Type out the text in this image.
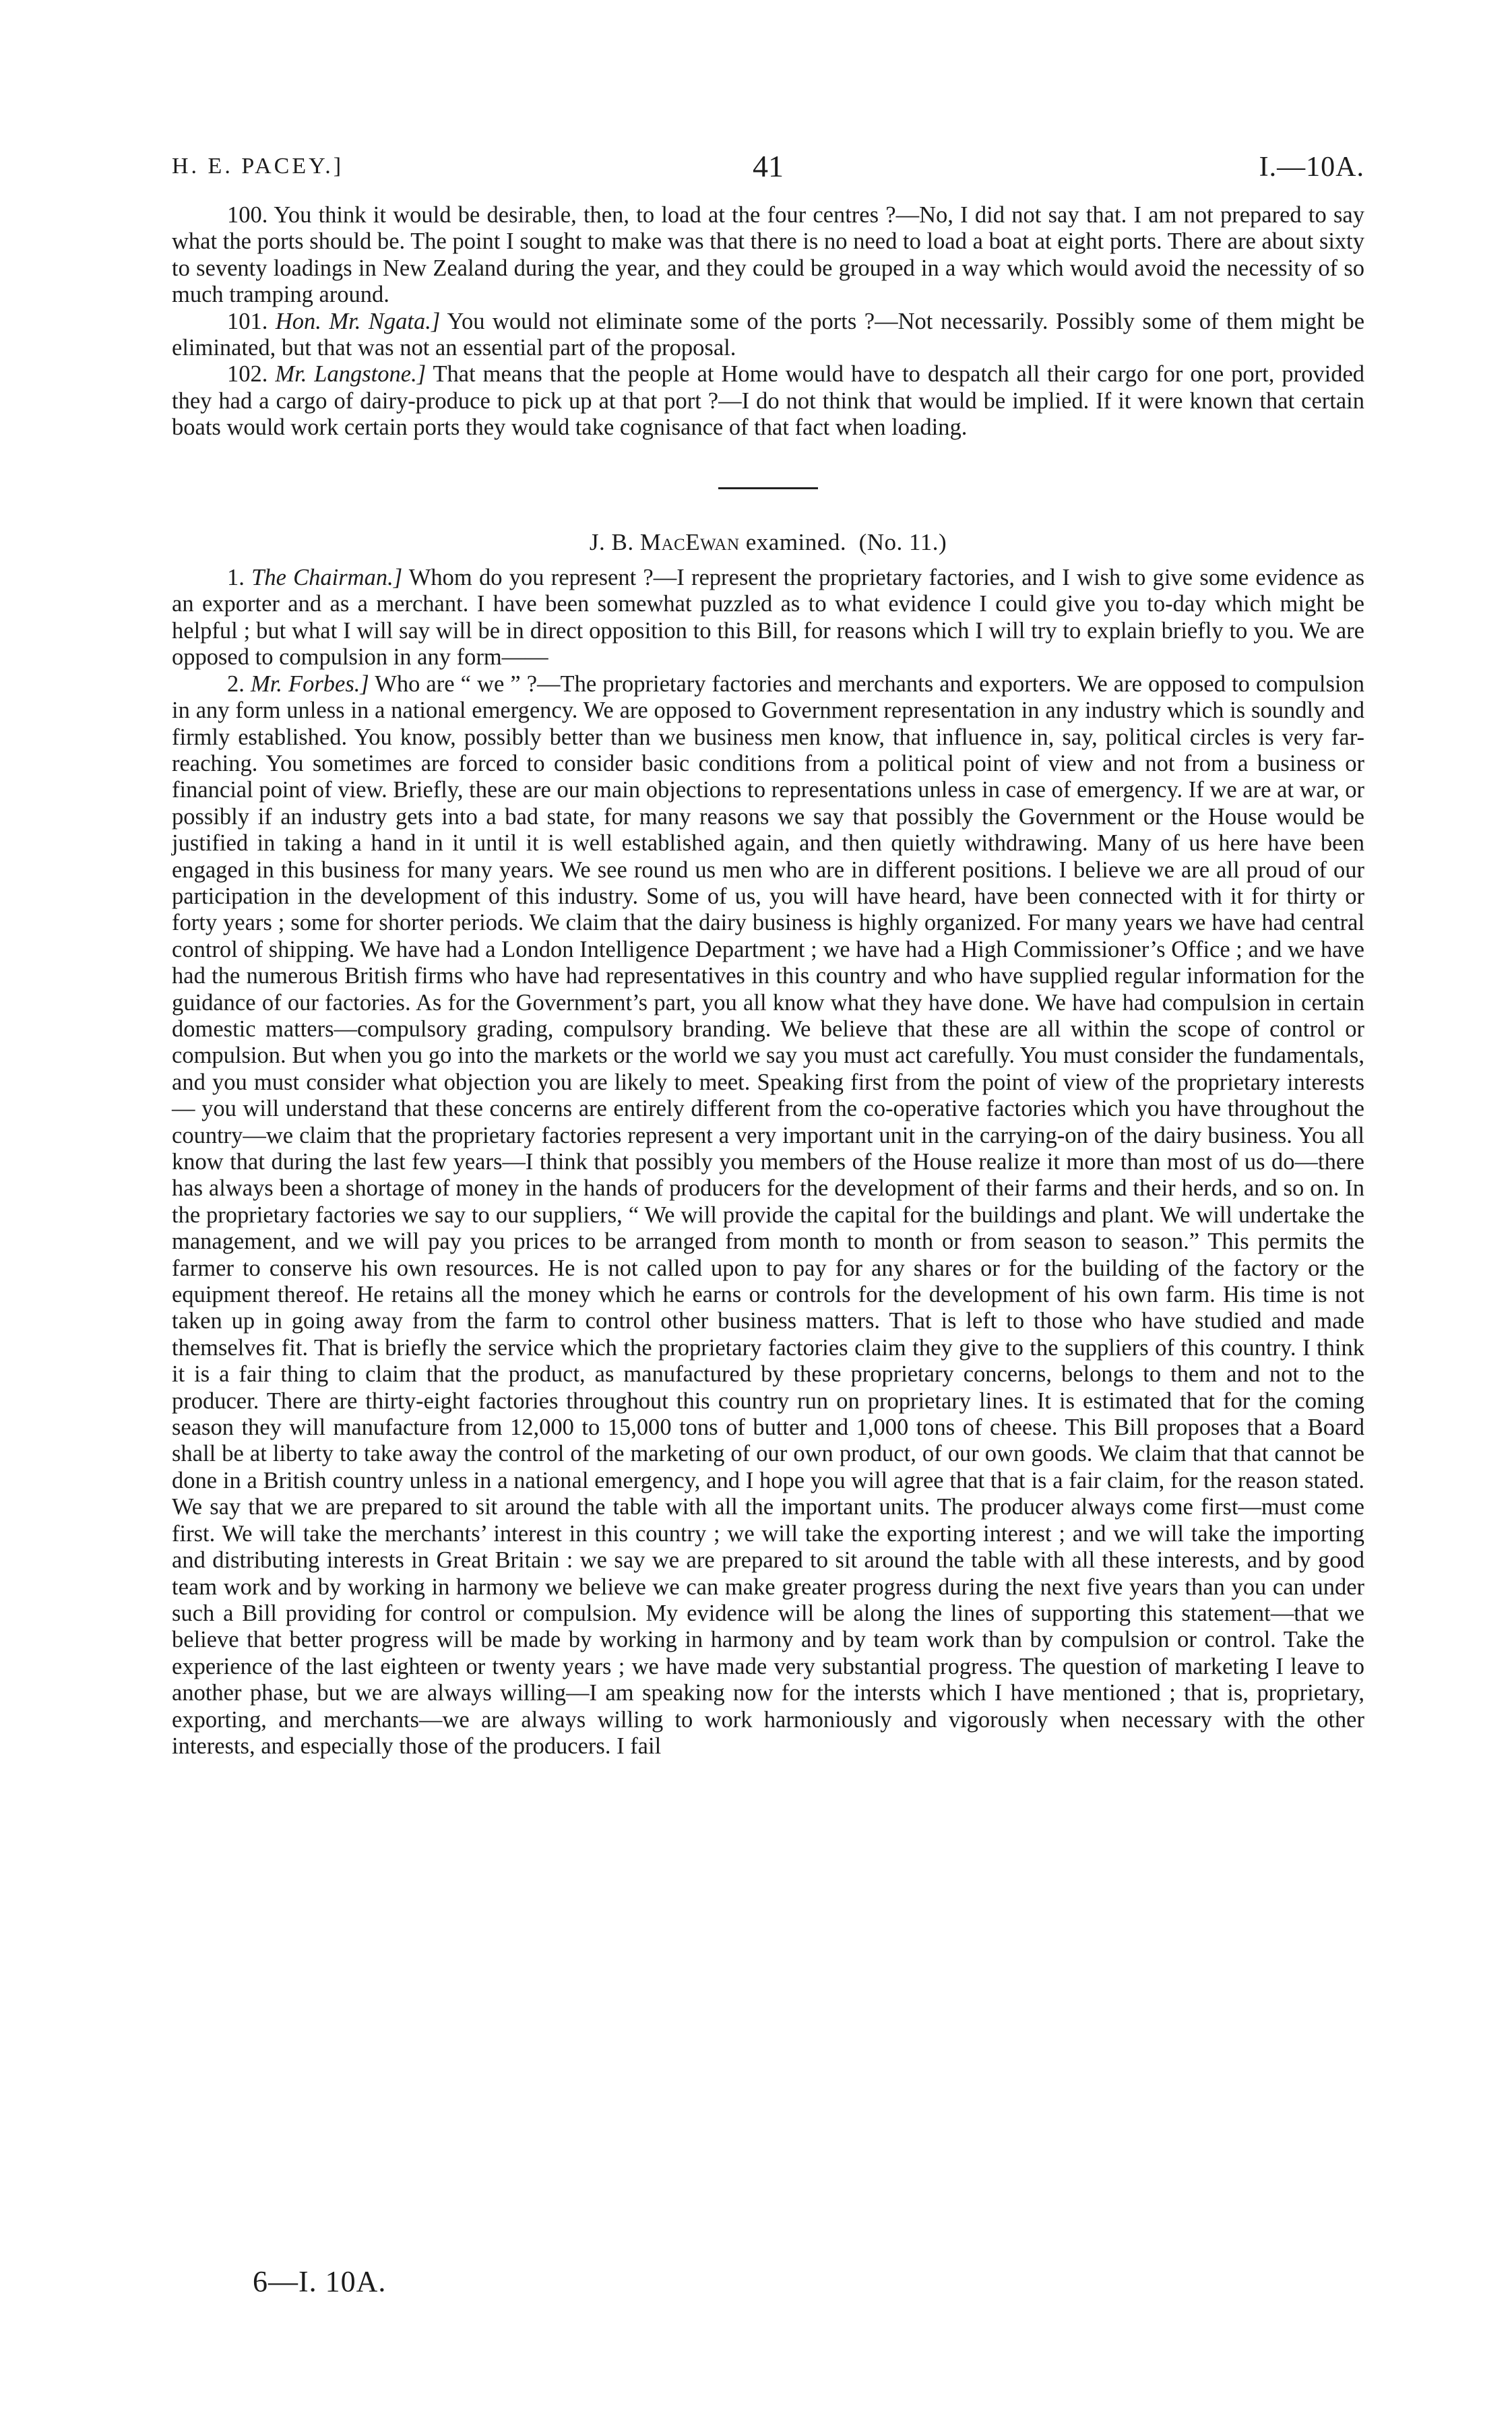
H. E. PACEY.]	41	I.—10A.

100. You think it would be desirable, then, to load at the four centres ?—No, I did not say that. I am not prepared to say what the ports should be. The point I sought to make was that there is no need to load a boat at eight ports. There are about sixty to seventy loadings in New Zealand during the year, and they could be grouped in a way which would avoid the necessity of so much tramping around.

101. Hon. Mr. Ngata.] You would not eliminate some of the ports ?—Not necessarily. Possibly some of them might be eliminated, but that was not an essential part of the proposal.

102. Mr. Langstone.] That means that the people at Home would have to despatch all their cargo for one port, provided they had a cargo of dairy-produce to pick up at that port ?—I do not think that would be implied. If it were known that certain boats would work certain ports they would take cognisance of that fact when loading.

J. B. MacEwan examined. (No. 11.)

1. The Chairman.] Whom do you represent ?—I represent the proprietary factories, and I wish to give some evidence as an exporter and as a merchant. I have been somewhat puzzled as to what evidence I could give you to-day which might be helpful ; but what I will say will be in direct opposition to this Bill, for reasons which I will try to explain briefly to you. We are opposed to compulsion in any form——

2. Mr. Forbes.] Who are “ we ” ?—The proprietary factories and merchants and exporters. We are opposed to compulsion in any form unless in a national emergency. We are opposed to Government representation in any industry which is soundly and firmly established. You know, possibly better than we business men know, that influence in, say, political circles is very far-reaching. You sometimes are forced to consider basic conditions from a political point of view and not from a business or financial point of view. Briefly, these are our main objections to representations unless in case of emergency. If we are at war, or possibly if an industry gets into a bad state, for many reasons we say that possibly the Government or the House would be justified in taking a hand in it until it is well established again, and then quietly withdrawing. Many of us here have been engaged in this business for many years. We see round us men who are in different positions. I believe we are all proud of our participation in the development of this industry. Some of us, you will have heard, have been connected with it for thirty or forty years ; some for shorter periods. We claim that the dairy business is highly organized. For many years we have had central control of shipping. We have had a London Intelligence Department ; we have had a High Commissioner’s Office ; and we have had the numerous British firms who have had representatives in this country and who have supplied regular information for the guidance of our factories. As for the Government’s part, you all know what they have done. We have had compulsion in certain domestic matters—compulsory grading, compulsory branding. We believe that these are all within the scope of control or compulsion. But when you go into the markets or the world we say you must act carefully. You must consider the fundamentals, and you must consider what objection you are likely to meet. Speaking first from the point of view of the proprietary interests — you will understand that these concerns are entirely different from the co-operative factories which you have throughout the country—we claim that the proprietary factories represent a very important unit in the carrying-on of the dairy business. You all know that during the last few years—I think that possibly you members of the House realize it more than most of us do—there has always been a shortage of money in the hands of producers for the development of their farms and their herds, and so on. In the proprietary factories we say to our suppliers, “ We will provide the capital for the buildings and plant. We will undertake the management, and we will pay you prices to be arranged from month to month or from season to season.” This permits the farmer to conserve his own resources. He is not called upon to pay for any shares or for the building of the factory or the equipment thereof. He retains all the money which he earns or controls for the development of his own farm. His time is not taken up in going away from the farm to control other business matters. That is left to those who have studied and made themselves fit. That is briefly the service which the proprietary factories claim they give to the suppliers of this country. I think it is a fair thing to claim that the product, as manufactured by these proprietary concerns, belongs to them and not to the producer. There are thirty-eight factories throughout this country run on proprietary lines. It is estimated that for the coming season they will manufacture from 12,000 to 15,000 tons of butter and 1,000 tons of cheese. This Bill proposes that a Board shall be at liberty to take away the control of the marketing of our own product, of our own goods. We claim that that cannot be done in a British country unless in a national emergency, and I hope you will agree that that is a fair claim, for the reason stated. We say that we are prepared to sit around the table with all the important units. The producer always come first—must come first. We will take the merchants’ interest in this country ; we will take the exporting interest ; and we will take the importing and distributing interests in Great Britain : we say we are prepared to sit around the table with all these interests, and by good team work and by working in harmony we believe we can make greater progress during the next five years than you can under such a Bill providing for control or compulsion. My evidence will be along the lines of supporting this statement—that we believe that better progress will be made by working in harmony and by team work than by compulsion or control. Take the experience of the last eighteen or twenty years ; we have made very substantial progress. The question of marketing I leave to another phase, but we are always willing—I am speaking now for the intersts which I have mentioned ; that is, proprietary, exporting, and merchants—we are always willing to work harmoniously and vigorously when necessary with the other interests, and especially those of the producers. I fail

6—I. 10A.
